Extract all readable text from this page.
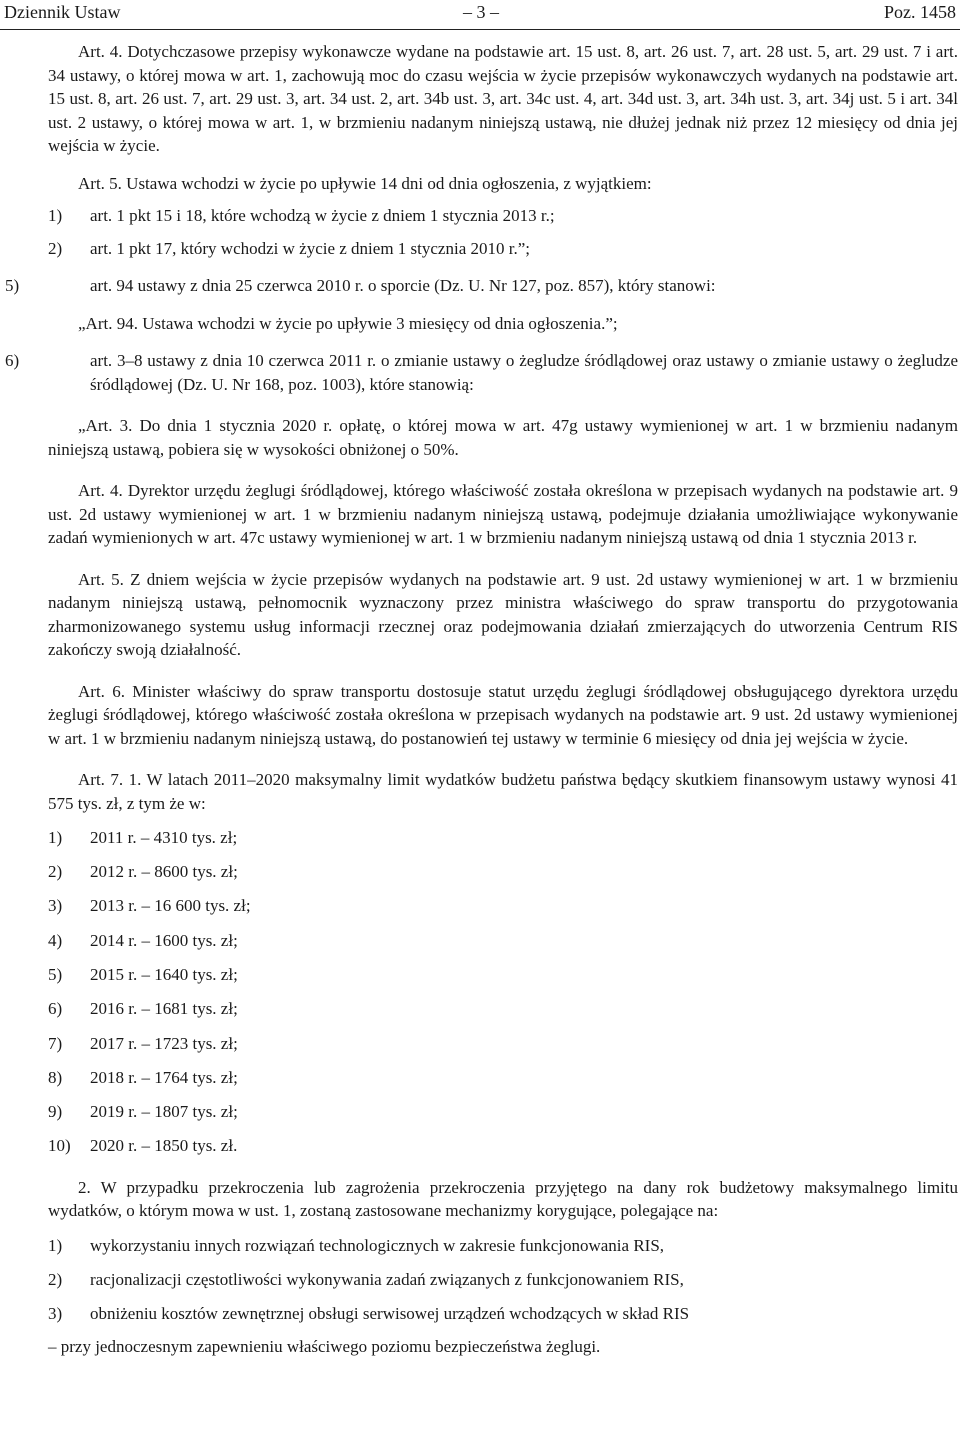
Dziennik Ustaw	– 3 –	Poz. 1458

Art. 4. Dotychczasowe przepisy wykonawcze wydane na podstawie art. 15 ust. 8, art. 26 ust. 7, art. 28 ust. 5, art. 29 ust. 7 i art. 34 ustawy, o której mowa w art. 1, zachowują moc do czasu wejścia w życie przepisów wykonawczych wydanych na podstawie art. 15 ust. 8, art. 26 ust. 7, art. 29 ust. 3, art. 34 ust. 2, art. 34b ust. 3, art. 34c ust. 4, art. 34d ust. 3, art. 34h ust. 3, art. 34j ust. 5 i art. 34l ust. 2 ustawy, o której mowa w art. 1, w brzmieniu nadanym niniejszą ustawą, nie dłużej jednak niż przez 12 miesięcy od dnia jej wejścia w życie.

Art. 5. Ustawa wchodzi w życie po upływie 14 dni od dnia ogłoszenia, z wyjątkiem:

1) art. 1 pkt 15 i 18, które wchodzą w życie z dniem 1 stycznia 2013 r.;
2) art. 1 pkt 17, który wchodzi w życie z dniem 1 stycznia 2010 r.”;
5)	art. 94 ustawy z dnia 25 czerwca 2010 r. o sporcie (Dz. U. Nr 127, poz. 857), który stanowi:

„Art. 94. Ustawa wchodzi w życie po upływie 3 miesięcy od dnia ogłoszenia.”;

6)	art. 3–8 ustawy z dnia 10 czerwca 2011 r. o zmianie ustawy o żegludze śródlądowej oraz ustawy o zmianie ustawy o żegludze śródlądowej (Dz. U. Nr 168, poz. 1003), które stanowią:

„Art. 3. Do dnia 1 stycznia 2020 r. opłatę, o której mowa w art. 47g ustawy wymienionej w art. 1 w brzmieniu nadanym niniejszą ustawą, pobiera się w wysokości obniżonej o 50%.

Art. 4. Dyrektor urzędu żeglugi śródlądowej, którego właściwość została określona w przepisach wydanych na podstawie art. 9 ust. 2d ustawy wymienionej w art. 1 w brzmieniu nadanym niniejszą ustawą, podejmuje działania umożliwiające wykonywanie zadań wymienionych w art. 47c ustawy wymienionej w art. 1 w brzmieniu nadanym niniejszą ustawą od dnia 1 stycznia 2013 r.

Art. 5. Z dniem wejścia w życie przepisów wydanych na podstawie art. 9 ust. 2d ustawy wymienionej w art. 1 w brzmieniu nadanym niniejszą ustawą, pełnomocnik wyznaczony przez ministra właściwego do spraw transportu do przygotowania zharmonizowanego systemu usług informacji rzecznej oraz podejmowania działań zmierzających do utworzenia Centrum RIS zakończy swoją działalność.

Art. 6. Minister właściwy do spraw transportu dostosuje statut urzędu żeglugi śródlądowej obsługującego dyrektora urzędu żeglugi śródlądowej, którego właściwość została określona w przepisach wydanych na podstawie art. 9 ust. 2d ustawy wymienionej w art. 1 w brzmieniu nadanym niniejszą ustawą, do postanowień tej ustawy w terminie 6 miesięcy od dnia jej wejścia w życie.

Art. 7. 1. W latach 2011–2020 maksymalny limit wydatków budżetu państwa będący skutkiem finansowym ustawy wynosi 41 575 tys. zł, z tym że w:

1) 2011 r. – 4310 tys. zł;
2) 2012 r. – 8600 tys. zł;
3) 2013 r. – 16 600 tys. zł;
4) 2014 r. – 1600 tys. zł;
5) 2015 r. – 1640 tys. zł;
6) 2016 r. – 1681 tys. zł;
7) 2017 r. – 1723 tys. zł;
8) 2018 r. – 1764 tys. zł;
9) 2019 r. – 1807 tys. zł;
10) 2020 r. – 1850 tys. zł.

2. W przypadku przekroczenia lub zagrożenia przekroczenia przyjętego na dany rok budżetowy maksymalnego limitu wydatków, o którym mowa w ust. 1, zostaną zastosowane mechanizmy korygujące, polegające na:

1) wykorzystaniu innych rozwiązań technologicznych w zakresie funkcjonowania RIS,
2) racjonalizacji częstotliwości wykonywania zadań związanych z funkcjonowaniem RIS,
3) obniżeniu kosztów zewnętrznej obsługi serwisowej urządzeń wchodzących w skład RIS

– przy jednoczesnym zapewnieniu właściwego poziomu bezpieczeństwa żeglugi.
